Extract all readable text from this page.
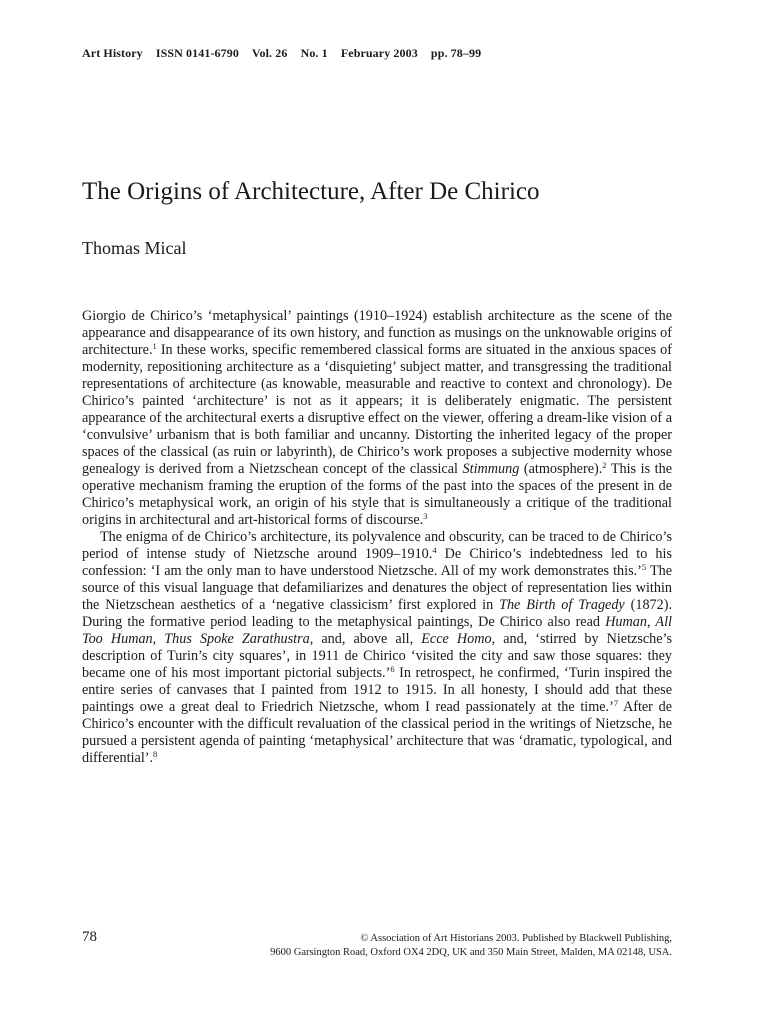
Art History ISSN 0141-6790 Vol. 26 No. 1 February 2003 pp. 78–99
The Origins of Architecture, After De Chirico
Thomas Mical

Giorgio de Chirico’s ‘metaphysical’ paintings (1910–1924) establish architecture as the scene of the appearance and disappearance of its own history, and function as musings on the unknowable origins of architecture.$^1$ In these works, specific remembered classical forms are situated in the anxious spaces of modernity, repositioning architecture as a ‘disquieting’ subject matter, and transgressing the traditional representations of architecture (as knowable, measurable and reactive to context and chronology). De Chirico’s painted ‘architecture’ is not as it appears; it is deliberately enigmatic. The persistent appearance of the architectural exerts a disruptive effect on the viewer, offering a dream-like vision of a ‘convulsive’ urbanism that is both familiar and uncanny. Distorting the inherited legacy of the proper spaces of the classical (as ruin or labyrinth), de Chirico’s work proposes a subjective modernity whose genealogy is derived from a Nietzschean concept of the classical Stimmung (atmosphere).$^2$ This is the operative mechanism framing the eruption of the forms of the past into the spaces of the present in de Chirico’s metaphysical work, an origin of his style that is simultaneously a critique of the traditional origins in architectural and art-historical forms of discourse.$^3$

The enigma of de Chirico’s architecture, its polyvalence and obscurity, can be traced to de Chirico’s period of intense study of Nietzsche around 1909–1910.$^4$ De Chirico’s indebtedness led to his confession: ‘I am the only man to have understood Nietzsche. All of my work demonstrates this.’$^5$ The source of this visual language that defamiliarizes and denatures the object of representation lies within the Nietzschean aesthetics of a ‘negative classicism’ first explored in The Birth of Tragedy (1872). During the formative period leading to the metaphysical paintings, De Chirico also read Human, All Too Human, Thus Spoke Zarathustra, and, above all, Ecce Homo, and, ‘stirred by Nietzsche’s description of Turin’s city squares’, in 1911 de Chirico ‘visited the city and saw those squares: they became one of his most important pictorial subjects.’$^6$ In retrospect, he confirmed, ‘Turin inspired the entire series of canvases that I painted from 1912 to 1915. In all honesty, I should add that these paintings owe a great deal to Friedrich Nietzsche, whom I read passionately at the time.’$^7$ After de Chirico’s encounter with the difficult revaluation of the classical period in the writings of Nietzsche, he pursued a persistent agenda of painting ‘metaphysical’ architecture that was ‘dramatic, typological, and differential’.$^8$

78	© Association of Art Historians 2003. Published by Blackwell Publishing,
9600 Garsington Road, Oxford OX4 2DQ, UK and 350 Main Street, Malden, MA 02148, USA.
